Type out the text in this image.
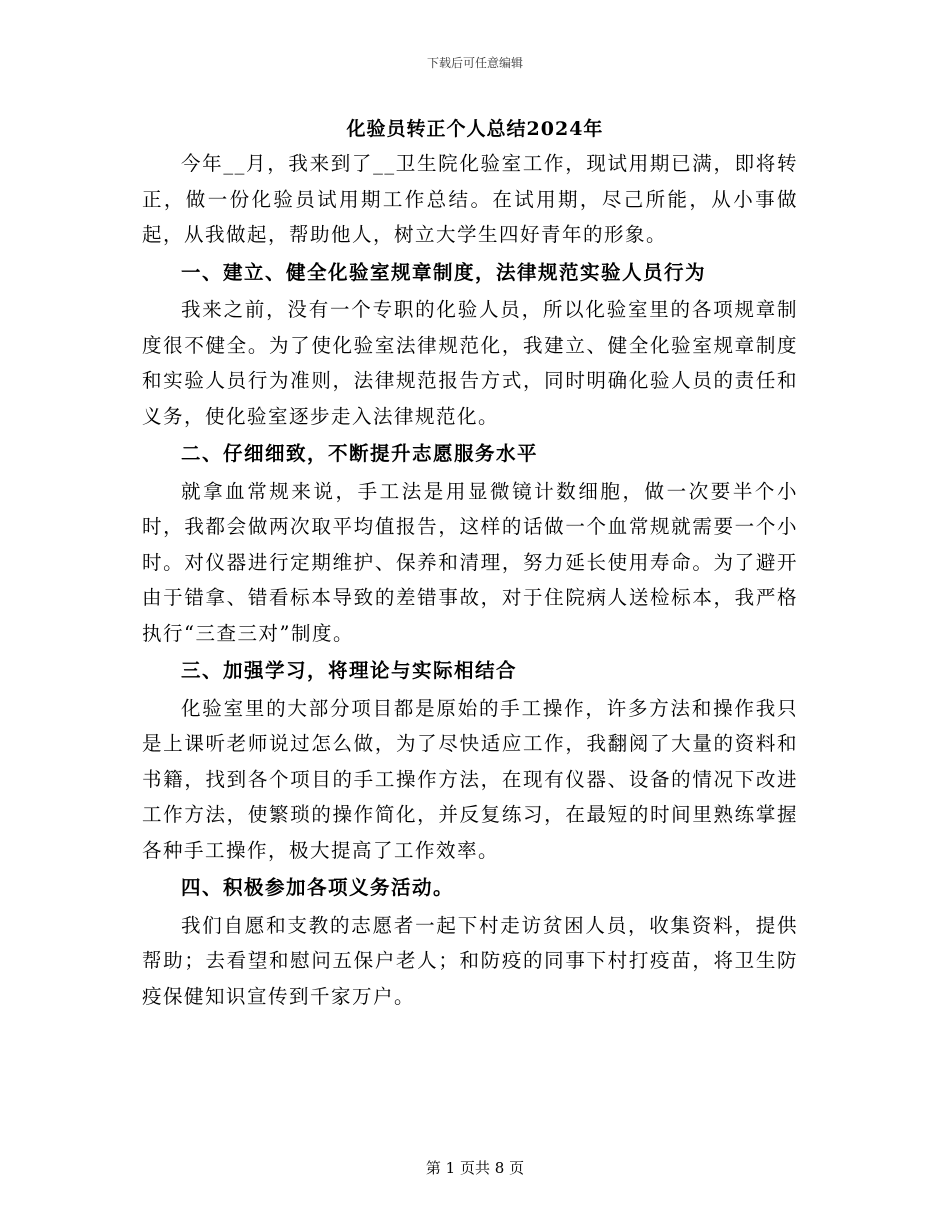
下载后可任意编辑
化验员转正个人总结2024年

今年__月，我来到了__卫生院化验室工作，现试用期已满，即将转正，做一份化验员试用期工作总结。在试用期，尽己所能，从小事做起，从我做起，帮助他人，树立大学生四好青年的形象。

一、建立、健全化验室规章制度，法律规范实验人员行为

我来之前，没有一个专职的化验人员，所以化验室里的各项规章制度很不健全。为了使化验室法律规范化，我建立、健全化验室规章制度和实验人员行为准则，法律规范报告方式，同时明确化验人员的责任和义务，使化验室逐步走入法律规范化。

二、仔细细致，不断提升志愿服务水平

就拿血常规来说，手工法是用显微镜计数细胞，做一次要半个小时，我都会做两次取平均值报告，这样的话做一个血常规就需要一个小时。对仪器进行定期维护、保养和清理，努力延长使用寿命。为了避开由于错拿、错看标本导致的差错事故，对于住院病人送检标本，我严格执行“三查三对”制度。

三、加强学习，将理论与实际相结合

化验室里的大部分项目都是原始的手工操作，许多方法和操作我只是上课听老师说过怎么做，为了尽快适应工作，我翻阅了大量的资料和书籍，找到各个项目的手工操作方法，在现有仪器、设备的情况下改进工作方法，使繁琐的操作简化，并反复练习，在最短的时间里熟练掌握各种手工操作，极大提高了工作效率。

四、积极参加各项义务活动。

我们自愿和支教的志愿者一起下村走访贫困人员，收集资料，提供帮助；去看望和慰问五保户老人；和防疫的同事下村打疫苗，将卫生防疫保健知识宣传到千家万户。

第 1 页共 8 页
